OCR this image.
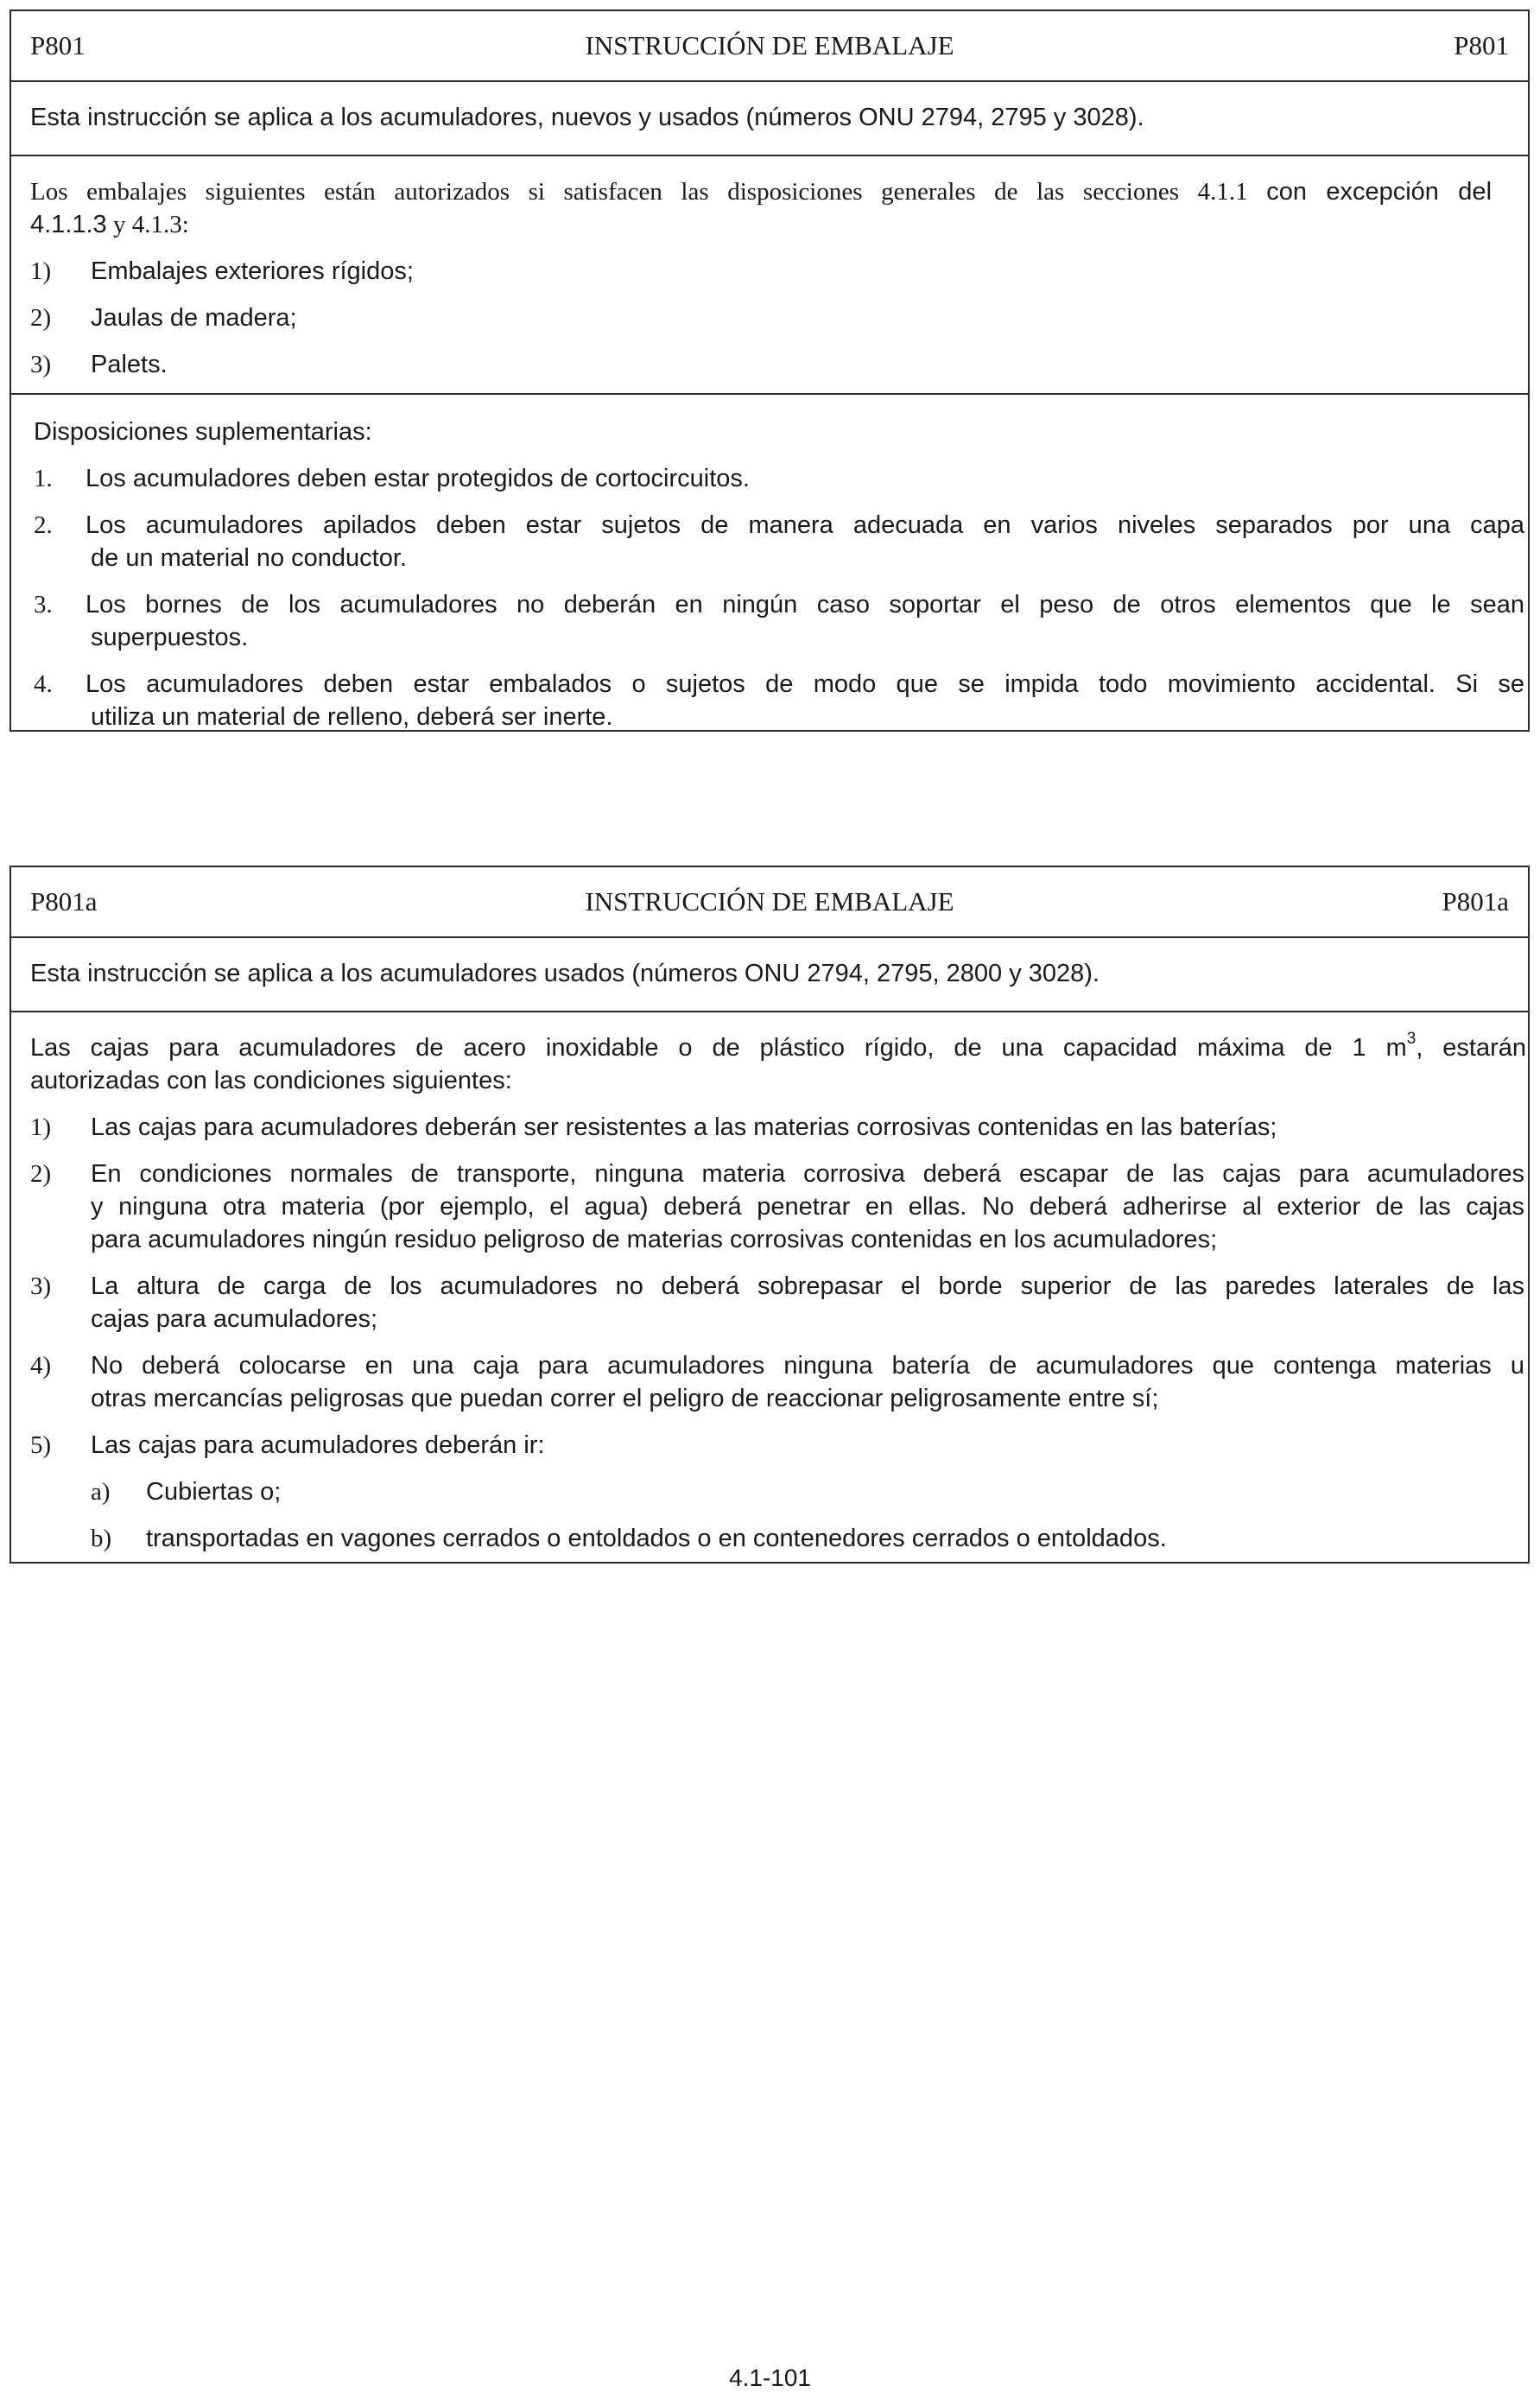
P801	INSTRUCCIÓN DE EMBALAJE	P801
Esta instrucción se aplica a los acumuladores, nuevos y usados (números ONU 2794, 2795 y 3028).
Los embalajes siguientes están autorizados si satisfacen las disposiciones generales de las secciones 4.1.1 con excepción del
4.1.1.3 y 4.1.3:
1) Embalajes exteriores rígidos;
2) Jaulas de madera;
3) Palets.
Disposiciones suplementarias:
1. Los acumuladores deben estar protegidos de cortocircuitos.
2. Los acumuladores apilados deben estar sujetos de manera adecuada en varios niveles separados por una capa
de un material no conductor.
3. Los bornes de los acumuladores no deberán en ningún caso soportar el peso de otros elementos que le sean
superpuestos.
4. Los acumuladores deben estar embalados o sujetos de modo que se impida todo movimiento accidental. Si se
utiliza un material de relleno, deberá ser inerte.
P801a	INSTRUCCIÓN DE EMBALAJE	P801a
Esta instrucción se aplica a los acumuladores usados (números ONU 2794, 2795, 2800 y 3028).
Las cajas para acumuladores de acero inoxidable o de plástico rígido, de una capacidad máxima de 1 $m^3$, estarán
autorizadas con las condiciones siguientes:
1) Las cajas para acumuladores deberán ser resistentes a las materias corrosivas contenidas en las baterías;
2) En condiciones normales de transporte, ninguna materia corrosiva deberá escapar de las cajas para acumuladores
y ninguna otra materia (por ejemplo, el agua) deberá penetrar en ellas. No deberá adherirse al exterior de las cajas
para acumuladores ningún residuo peligroso de materias corrosivas contenidas en los acumuladores;
3) La altura de carga de los acumuladores no deberá sobrepasar el borde superior de las paredes laterales de las
cajas para acumuladores;
4) No deberá colocarse en una caja para acumuladores ninguna batería de acumuladores que contenga materias u
otras mercancías peligrosas que puedan correr el peligro de reaccionar peligrosamente entre sí;
5) Las cajas para acumuladores deberán ir:
a) Cubiertas o;
b) transportadas en vagones cerrados o entoldados o en contenedores cerrados o entoldados.
4.1-101
